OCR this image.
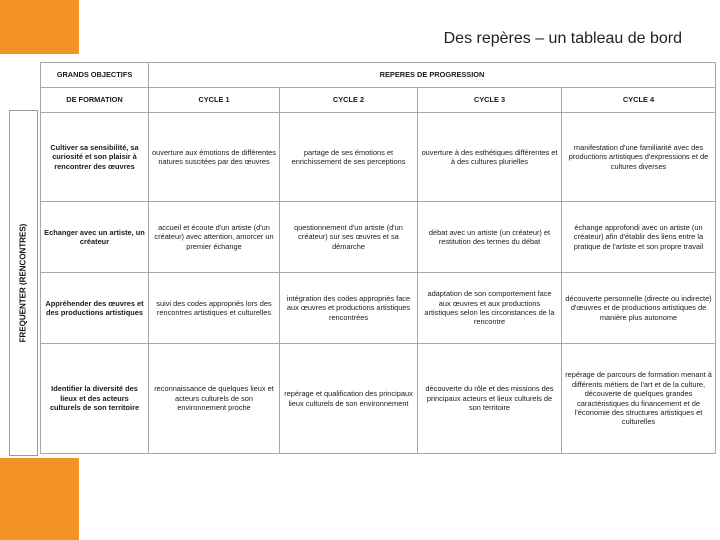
Des repères – un tableau de bord
FREQUENTER (RENCONTRES)
GRANDS OBJECTIFS	REPERES DE PROGRESSION			
DE FORMATION	CYCLE 1	CYCLE 2	CYCLE 3	CYCLE 4
Cultiver sa sensibilité, sa curiosité et son plaisir à rencontrer des œuvres	ouverture aux émotions de différentes natures suscitées par des œuvres	partage de ses émotions et enrichissement de ses perceptions	ouverture à des esthétiques différentes et à des cultures plurielles	manifestation d'une familiarité avec des productions artistiques d'expressions et de cultures diverses
Echanger avec un artiste, un créateur	accueil et écoute d'un artiste (d'un créateur) avec attention, amorcer un premier échange	questionnement d'un artiste (d'un créateur) sur ses œuvres et sa démarche	débat avec un artiste (un créateur) et restitution des termes du débat	échange approfondi avec un artiste (un créateur) afin d'établir des liens entre la pratique de l'artiste et son propre travail
Appréhender des œuvres et des productions artistiques	suivi des codes appropriés lors des rencontres artistiques et culturelles	intégration des codes appropriés face aux œuvres et productions artistiques rencontrées	adaptation de son comportement face aux œuvres et aux productions artistiques selon les circonstances de la rencontre	découverte personnelle (directe ou indirecte) d'œuvres et de productions artistiques de manière plus autonome
Identifier la diversité des lieux et des acteurs culturels de son territoire	reconnaissance de quelques lieux et acteurs culturels de son environnement proche	repérage et qualification des principaux lieux culturels de son environnement	découverte du rôle et des missions des principaux acteurs et lieux culturels de son territoire	repérage de parcours de formation menant à différents métiers de l'art et de la culture, découverte de quelques grandes caractéristiques du financement et de l'économie des structures artistiques et culturelles
